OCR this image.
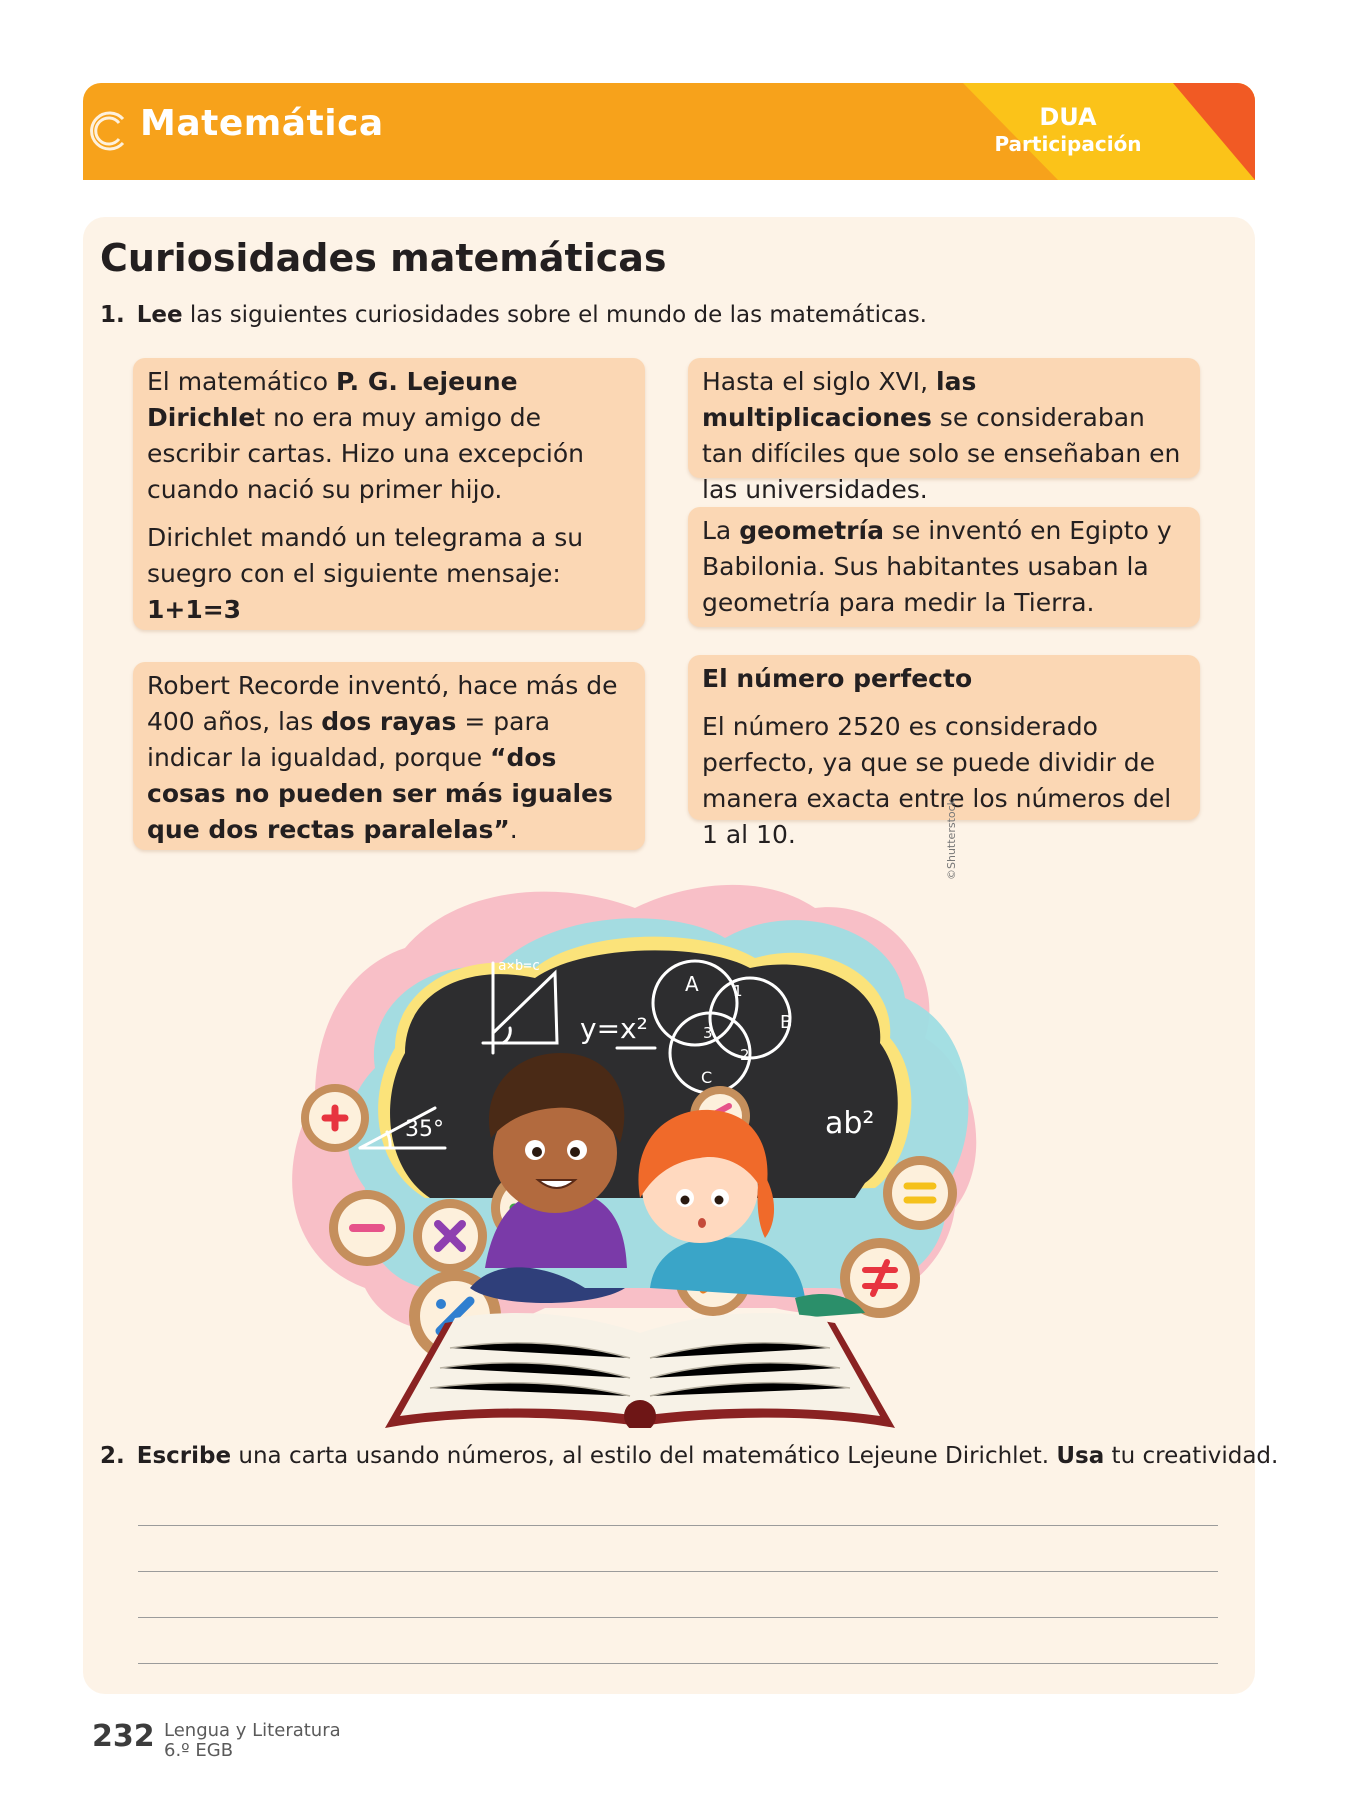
Matemática	DUA
Participación
Curiosidades matemáticas
1. Lee las siguientes curiosidades sobre el mundo de las matemáticas.

El matemático P. G. Lejeune Dirichlet no era muy amigo de escribir cartas. Hizo una excepción cuando nació su primer hijo.

Dirichlet mandó un telegrama a su suegro con el siguiente mensaje:
1+1=3

Robert Recorde inventó, hace más de 400 años, las dos rayas = para indicar la igualdad, porque “dos cosas no pueden ser más iguales que dos rectas paralelas”.

Hasta el siglo XVI, las multiplicaciones se consideraban tan difíciles que solo se enseñaban en las universidades.

La geometría se inventó en Egipto y Babilonia. Sus habitantes usaban la geometría para medir la Tierra.

El número perfecto

El número 2520 es considerado perfecto, ya que se puede dividir de manera exacta entre los números del 1 al 10.

a×b=c
y=x²
35°	ab²
A
B
C
1
2
3
©Shutterstock
2. Escribe una carta usando números, al estilo del matemático Lejeune Dirichlet. Usa tu creatividad.
232 Lengua y Literatura
6.º EGB
